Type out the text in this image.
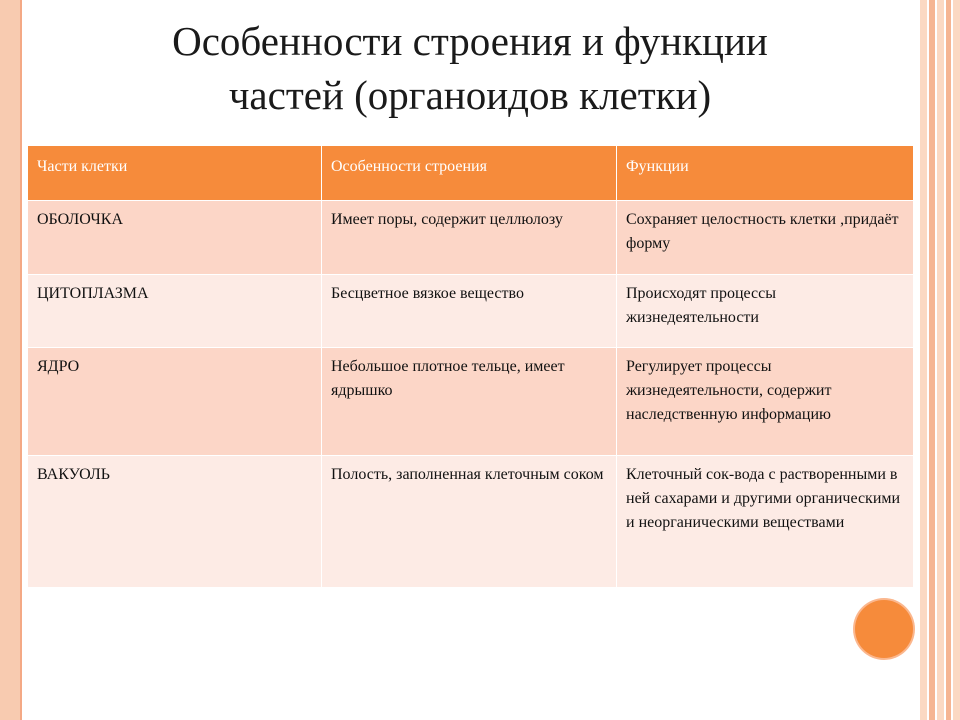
Особенности строения и функции
частей (органоидов клетки)
Части клетки	Особенности строения	Функции
ОБОЛОЧКА	Имеет поры, содержит целлюлозу	Сохраняет целостность клетки ,придаёт форму
ЦИТОПЛАЗМА	Бесцветное вязкое вещество	Происходят процессы жизнедеятельности
ЯДРО	Небольшое плотное тельце, имеет ядрышко	Регулирует процессы жизнедеятельности, содержит наследственную информацию
ВАКУОЛЬ	Полость, заполненная клеточным соком	Клеточный сок-вода с растворенными в ней сахарами и другими органическими и неорганическими веществами
